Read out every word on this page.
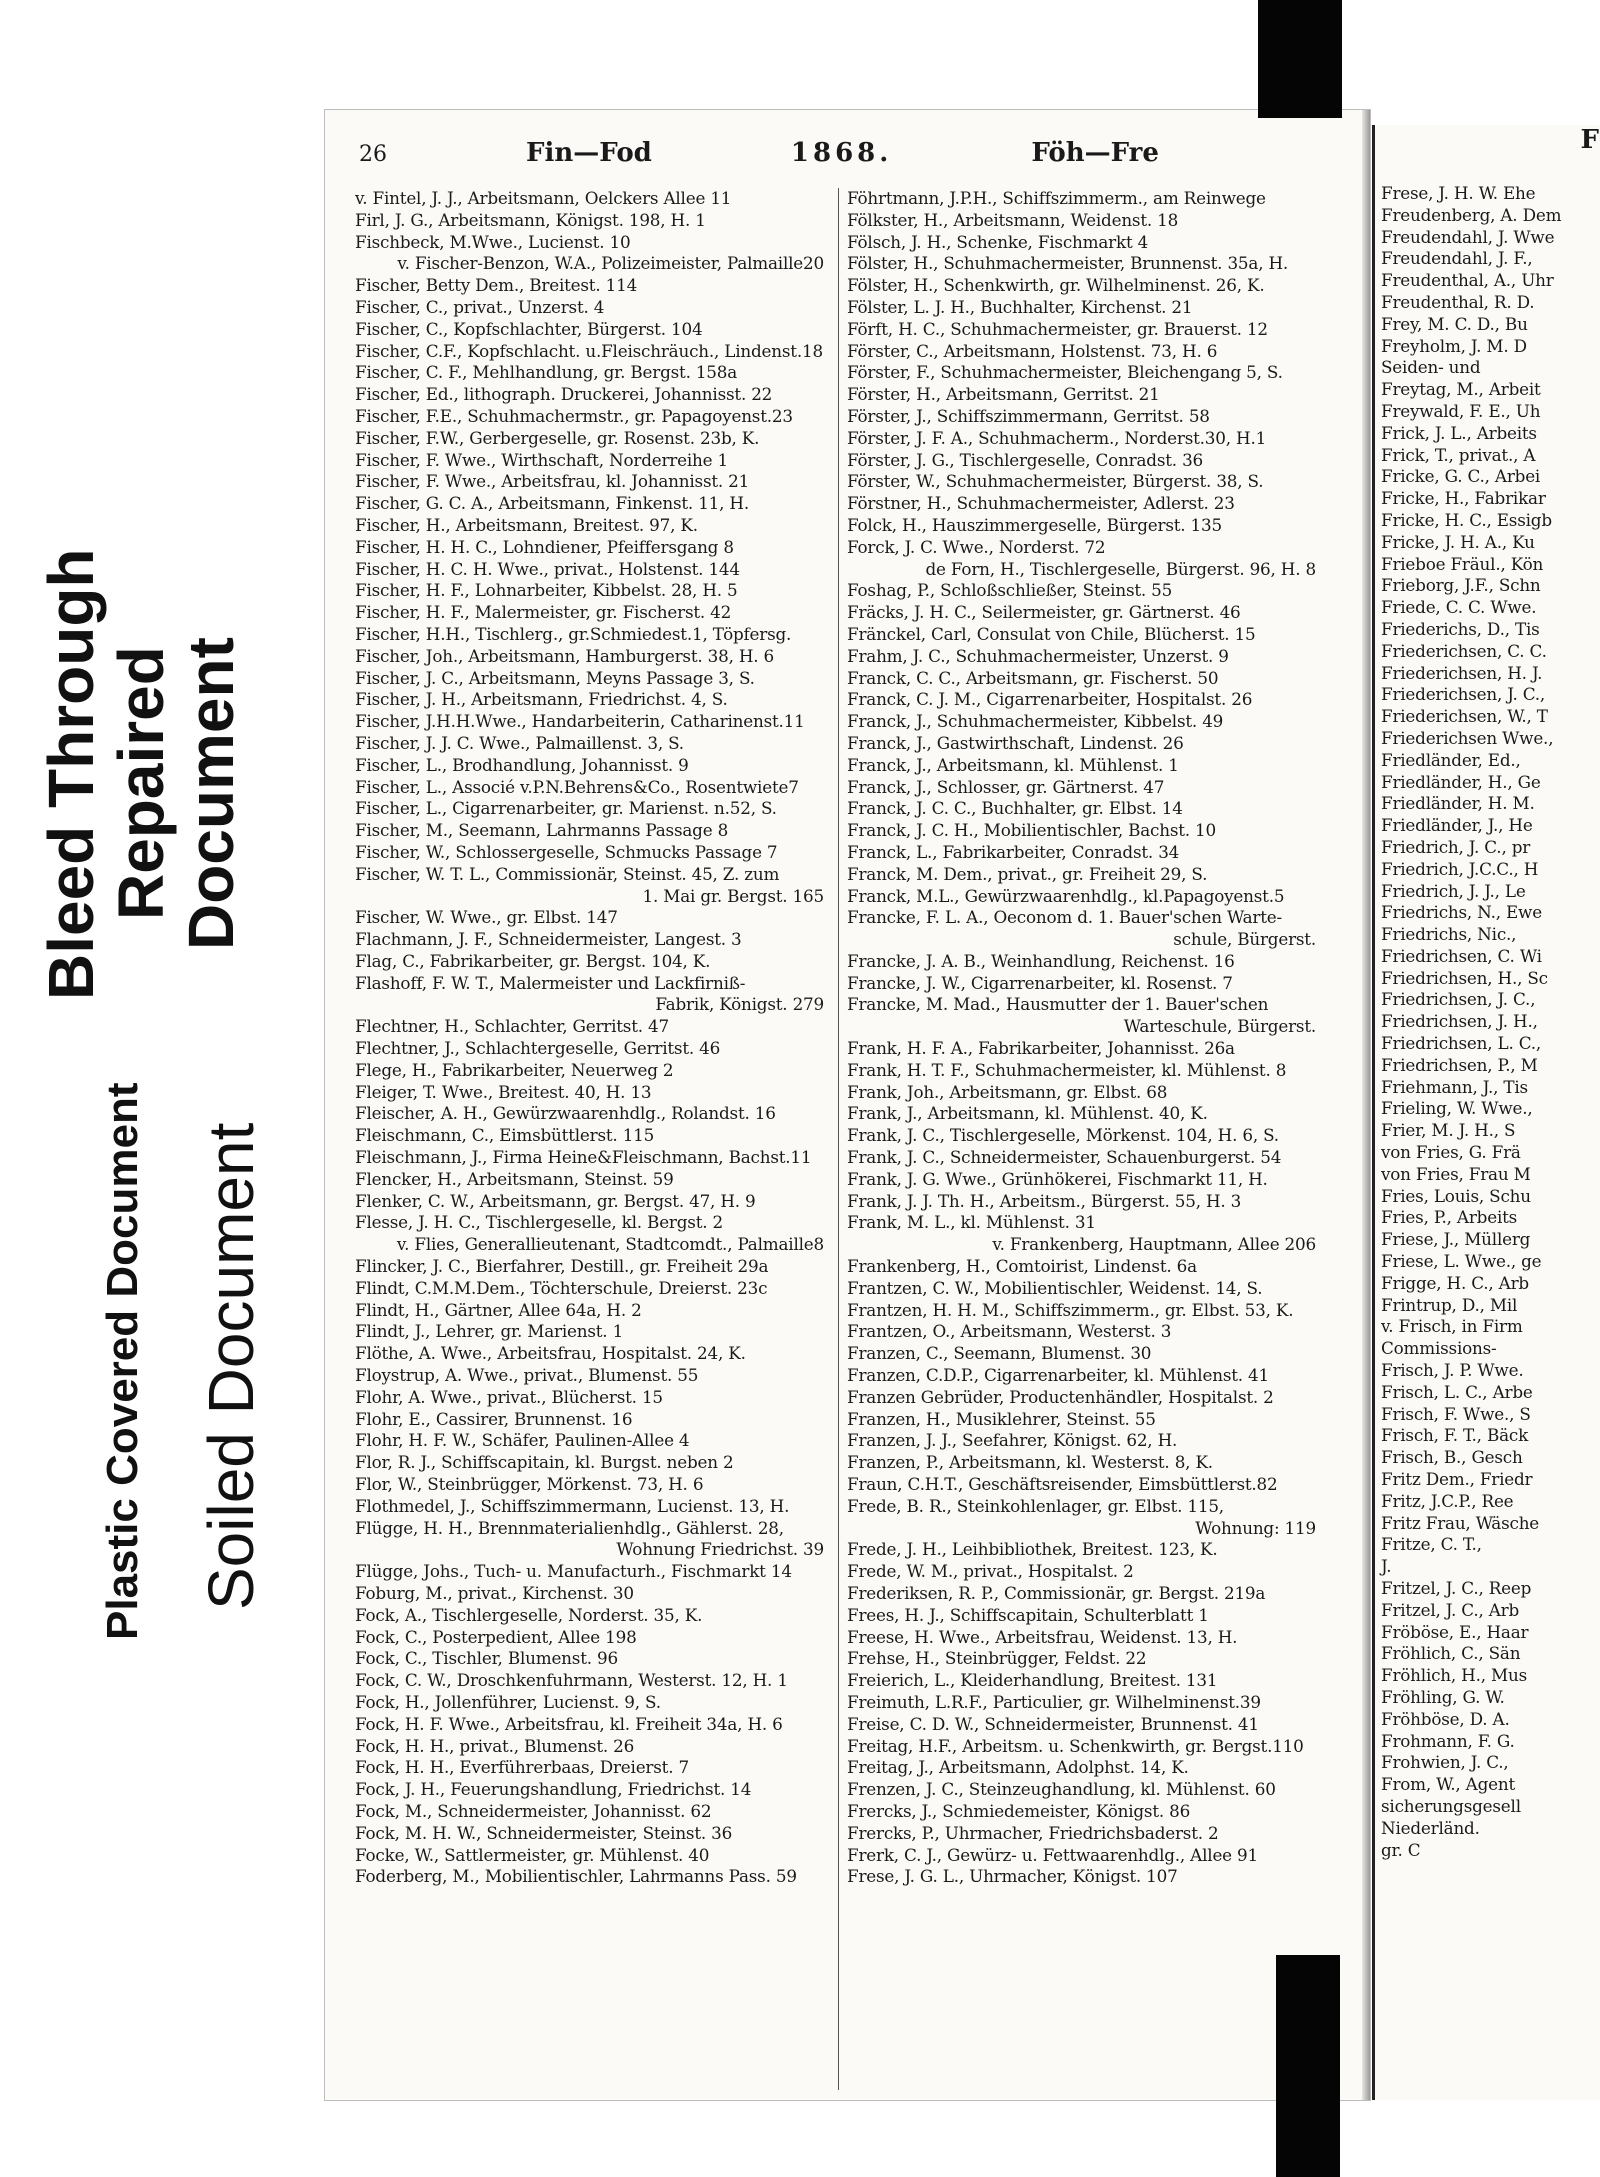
Bleed Through
Repaired
Document
Plastic Covered Document Soiled Document
26	Fin—Fod	1868.	Föh—Fre
v. Fintel, J. J., Arbeitsmann, Oelckers Allee 11
Firl, J. G., Arbeitsmann, Königst. 198, H. 1
Fischbeck, M.Wwe., Lucienst. 10
v. Fischer-Benzon, W.A., Polizeimeister, Palmaille20
Fischer, Betty Dem., Breitest. 114
Fischer, C., privat., Unzerst. 4
Fischer, C., Kopfschlachter, Bürgerst. 104
Fischer, C.F., Kopfschlacht. u.Fleischräuch., Lindenst.18
Fischer, C. F., Mehlhandlung, gr. Bergst. 158a
Fischer, Ed., lithograph. Druckerei, Johannisst. 22
Fischer, F.E., Schuhmachermstr., gr. Papagoyenst.23
Fischer, F.W., Gerbergeselle, gr. Rosenst. 23b, K.
Fischer, F. Wwe., Wirthschaft, Norderreihe 1
Fischer, F. Wwe., Arbeitsfrau, kl. Johannisst. 21
Fischer, G. C. A., Arbeitsmann, Finkenst. 11, H.
Fischer, H., Arbeitsmann, Breitest. 97, K.
Fischer, H. H. C., Lohndiener, Pfeiffersgang 8
Fischer, H. C. H. Wwe., privat., Holstenst. 144
Fischer, H. F., Lohnarbeiter, Kibbelst. 28, H. 5
Fischer, H. F., Malermeister, gr. Fischerst. 42
Fischer, H.H., Tischlerg., gr.Schmiedest.1, Töpfersg.
Fischer, Joh., Arbeitsmann, Hamburgerst. 38, H. 6
Fischer, J. C., Arbeitsmann, Meyns Passage 3, S.
Fischer, J. H., Arbeitsmann, Friedrichst. 4, S.
Fischer, J.H.H.Wwe., Handarbeiterin, Catharinenst.11
Fischer, J. J. C. Wwe., Palmaillenst. 3, S.
Fischer, L., Brodhandlung, Johannisst. 9
Fischer, L., Associé v.P.N.Behrens&Co., Rosentwiete7
Fischer, L., Cigarrenarbeiter, gr. Marienst. n.52, S.
Fischer, M., Seemann, Lahrmanns Passage 8
Fischer, W., Schlossergeselle, Schmucks Passage 7
Fischer, W. T. L., Commissionär, Steinst. 45, Z. zum
1. Mai gr. Bergst. 165
Fischer, W. Wwe., gr. Elbst. 147
Flachmann, J. F., Schneidermeister, Langest. 3
Flag, C., Fabrikarbeiter, gr. Bergst. 104, K.
Flashoff, F. W. T., Malermeister und Lackfirniß-
Fabrik, Königst. 279
Flechtner, H., Schlachter, Gerritst. 47
Flechtner, J., Schlachtergeselle, Gerritst. 46
Flege, H., Fabrikarbeiter, Neuerweg 2
Fleiger, T. Wwe., Breitest. 40, H. 13
Fleischer, A. H., Gewürzwaarenhdlg., Rolandst. 16
Fleischmann, C., Eimsbüttlerst. 115
Fleischmann, J., Firma Heine&Fleischmann, Bachst.11
Flencker, H., Arbeitsmann, Steinst. 59
Flenker, C. W., Arbeitsmann, gr. Bergst. 47, H. 9
Flesse, J. H. C., Tischlergeselle, kl. Bergst. 2
v. Flies, Generallieutenant, Stadtcomdt., Palmaille8
Flincker, J. C., Bierfahrer, Destill., gr. Freiheit 29a
Flindt, C.M.M.Dem., Töchterschule, Dreierst. 23c
Flindt, H., Gärtner, Allee 64a, H. 2
Flindt, J., Lehrer, gr. Marienst. 1
Flöthe, A. Wwe., Arbeitsfrau, Hospitalst. 24, K.
Floystrup, A. Wwe., privat., Blumenst. 55
Flohr, A. Wwe., privat., Blücherst. 15
Flohr, E., Cassirer, Brunnenst. 16
Flohr, H. F. W., Schäfer, Paulinen-Allee 4
Flor, R. J., Schiffscapitain, kl. Burgst. neben 2
Flor, W., Steinbrügger, Mörkenst. 73, H. 6
Flothmedel, J., Schiffszimmermann, Lucienst. 13, H.
Flügge, H. H., Brennmaterialienhdlg., Gählerst. 28,
Wohnung Friedrichst. 39
Flügge, Johs., Tuch- u. Manufacturh., Fischmarkt 14
Foburg, M., privat., Kirchenst. 30
Fock, A., Tischlergeselle, Norderst. 35, K.
Fock, C., Posterpedient, Allee 198
Fock, C., Tischler, Blumenst. 96
Fock, C. W., Droschkenfuhrmann, Westerst. 12, H. 1
Fock, H., Jollenführer, Lucienst. 9, S.
Fock, H. F. Wwe., Arbeitsfrau, kl. Freiheit 34a, H. 6
Fock, H. H., privat., Blumenst. 26
Fock, H. H., Everführerbaas, Dreierst. 7
Fock, J. H., Feuerungshandlung, Friedrichst. 14
Fock, M., Schneidermeister, Johannisst. 62
Fock, M. H. W., Schneidermeister, Steinst. 36
Focke, W., Sattlermeister, gr. Mühlenst. 40
Foderberg, M., Mobilientischler, Lahrmanns Pass. 59
Föhrtmann, J.P.H., Schiffszimmerm., am Reinwege
Fölkster, H., Arbeitsmann, Weidenst. 18
Fölsch, J. H., Schenke, Fischmarkt 4
Fölster, H., Schuhmachermeister, Brunnenst. 35a, H.
Fölster, H., Schenkwirth, gr. Wilhelminenst. 26, K.
Fölster, L. J. H., Buchhalter, Kirchenst. 21
Förft, H. C., Schuhmachermeister, gr. Brauerst. 12
Förster, C., Arbeitsmann, Holstenst. 73, H. 6
Förster, F., Schuhmachermeister, Bleichengang 5, S.
Förster, H., Arbeitsmann, Gerritst. 21
Förster, J., Schiffszimmermann, Gerritst. 58
Förster, J. F. A., Schuhmacherm., Norderst.30, H.1
Förster, J. G., Tischlergeselle, Conradst. 36
Förster, W., Schuhmachermeister, Bürgerst. 38, S.
Förstner, H., Schuhmachermeister, Adlerst. 23
Folck, H., Hauszimmergeselle, Bürgerst. 135
Forck, J. C. Wwe., Norderst. 72
de Forn, H., Tischlergeselle, Bürgerst. 96, H. 8
Foshag, P., Schloßschließer, Steinst. 55
Fräcks, J. H. C., Seilermeister, gr. Gärtnerst. 46
Fränckel, Carl, Consulat von Chile, Blücherst. 15
Frahm, J. C., Schuhmachermeister, Unzerst. 9
Franck, C. C., Arbeitsmann, gr. Fischerst. 50
Franck, C. J. M., Cigarrenarbeiter, Hospitalst. 26
Franck, J., Schuhmachermeister, Kibbelst. 49
Franck, J., Gastwirthschaft, Lindenst. 26
Franck, J., Arbeitsmann, kl. Mühlenst. 1
Franck, J., Schlosser, gr. Gärtnerst. 47
Franck, J. C. C., Buchhalter, gr. Elbst. 14
Franck, J. C. H., Mobilientischler, Bachst. 10
Franck, L., Fabrikarbeiter, Conradst. 34
Franck, M. Dem., privat., gr. Freiheit 29, S.
Franck, M.L., Gewürzwaarenhdlg., kl.Papagoyenst.5
Francke, F. L. A., Oeconom d. 1. Bauer'schen Warte-
schule, Bürgerst.
Francke, J. A. B., Weinhandlung, Reichenst. 16
Francke, J. W., Cigarrenarbeiter, kl. Rosenst. 7
Francke, M. Mad., Hausmutter der 1. Bauer'schen
Warteschule, Bürgerst.
Frank, H. F. A., Fabrikarbeiter, Johannisst. 26a
Frank, H. T. F., Schuhmachermeister, kl. Mühlenst. 8
Frank, Joh., Arbeitsmann, gr. Elbst. 68
Frank, J., Arbeitsmann, kl. Mühlenst. 40, K.
Frank, J. C., Tischlergeselle, Mörkenst. 104, H. 6, S.
Frank, J. C., Schneidermeister, Schauenburgerst. 54
Frank, J. G. Wwe., Grünhökerei, Fischmarkt 11, H.
Frank, J. J. Th. H., Arbeitsm., Bürgerst. 55, H. 3
Frank, M. L., kl. Mühlenst. 31
v. Frankenberg, Hauptmann, Allee 206
Frankenberg, H., Comtoirist, Lindenst. 6a
Frantzen, C. W., Mobilientischler, Weidenst. 14, S.
Frantzen, H. H. M., Schiffszimmerm., gr. Elbst. 53, K.
Frantzen, O., Arbeitsmann, Westerst. 3
Franzen, C., Seemann, Blumenst. 30
Franzen, C.D.P., Cigarrenarbeiter, kl. Mühlenst. 41
Franzen Gebrüder, Productenhändler, Hospitalst. 2
Franzen, H., Musiklehrer, Steinst. 55
Franzen, J. J., Seefahrer, Königst. 62, H.
Franzen, P., Arbeitsmann, kl. Westerst. 8, K.
Fraun, C.H.T., Geschäftsreisender, Eimsbüttlerst.82
Frede, B. R., Steinkohlenlager, gr. Elbst. 115,
Wohnung: 119
Frede, J. H., Leihbibliothek, Breitest. 123, K.
Frede, W. M., privat., Hospitalst. 2
Frederiksen, R. P., Commissionär, gr. Bergst. 219a
Frees, H. J., Schiffscapitain, Schulterblatt 1
Freese, H. Wwe., Arbeitsfrau, Weidenst. 13, H.
Frehse, H., Steinbrügger, Feldst. 22
Freierich, L., Kleiderhandlung, Breitest. 131
Freimuth, L.R.F., Particulier, gr. Wilhelminenst.39
Freise, C. D. W., Schneidermeister, Brunnenst. 41
Freitag, H.F., Arbeitsm. u. Schenkwirth, gr. Bergst.110
Freitag, J., Arbeitsmann, Adolphst. 14, K.
Frenzen, J. C., Steinzeughandlung, kl. Mühlenst. 60
Frercks, J., Schmiedemeister, Königst. 86
Frercks, P., Uhrmacher, Friedrichsbaderst. 2
Frerk, C. J., Gewürz- u. Fettwaarenhdlg., Allee 91
Frese, J. G. L., Uhrmacher, Königst. 107
F
Frese, J. H. W. Ehe
Freudenberg, A. Dem
Freudendahl, J. Wwe
Freudendahl, J. F.,
Freudenthal, A., Uhr
Freudenthal, R. D.
Frey, M. C. D., Bu
Freyholm, J. M. D
Seiden- und
Freytag, M., Arbeit
Freywald, F. E., Uh
Frick, J. L., Arbeits
Frick, T., privat., A
Fricke, G. C., Arbei
Fricke, H., Fabrikar
Fricke, H. C., Essigb
Fricke, J. H. A., Ku
Frieboe Fräul., Kön
Frieborg, J.F., Schn
Friede, C. C. Wwe.
Friederichs, D., Tis
Friederichsen, C. C.
Friederichsen, H. J.
Friederichsen, J. C.,
Friederichsen, W., T
Friederichsen Wwe.,
Friedländer, Ed.,
Friedländer, H., Ge
Friedländer, H. M.
Friedländer, J., He
Friedrich, J. C., pr
Friedrich, J.C.C., H
Friedrich, J. J., Le
Friedrichs, N., Ewe
Friedrichs, Nic.,
Friedrichsen, C. Wi
Friedrichsen, H., Sc
Friedrichsen, J. C.,
Friedrichsen, J. H.,
Friedrichsen, L. C.,
Friedrichsen, P., M
Friehmann, J., Tis
Frieling, W. Wwe.,
Frier, M. J. H., S
von Fries, G. Frä
von Fries, Frau M
Fries, Louis, Schu
Fries, P., Arbeits
Friese, J., Müllerg
Friese, L. Wwe., ge
Frigge, H. C., Arb
Frintrup, D., Mil
v. Frisch, in Firm
Commissions-
Frisch, J. P. Wwe.
Frisch, L. C., Arbe
Frisch, F. Wwe., S
Frisch, F. T., Bäck
Frisch, B., Gesch
Fritz Dem., Friedr
Fritz, J.C.P., Ree
Fritz Frau, Wäsche
Fritze, C. T.,
J.
Fritzel, J. C., Reep
Fritzel, J. C., Arb
Fröböse, E., Haar
Fröhlich, C., Sän
Fröhlich, H., Mus
Fröhling, G. W.
Fröhböse, D. A.
Frohmann, F. G.
Frohwien, J. C.,
From, W., Agent
sicherungsgesell
Niederländ.
gr. C
